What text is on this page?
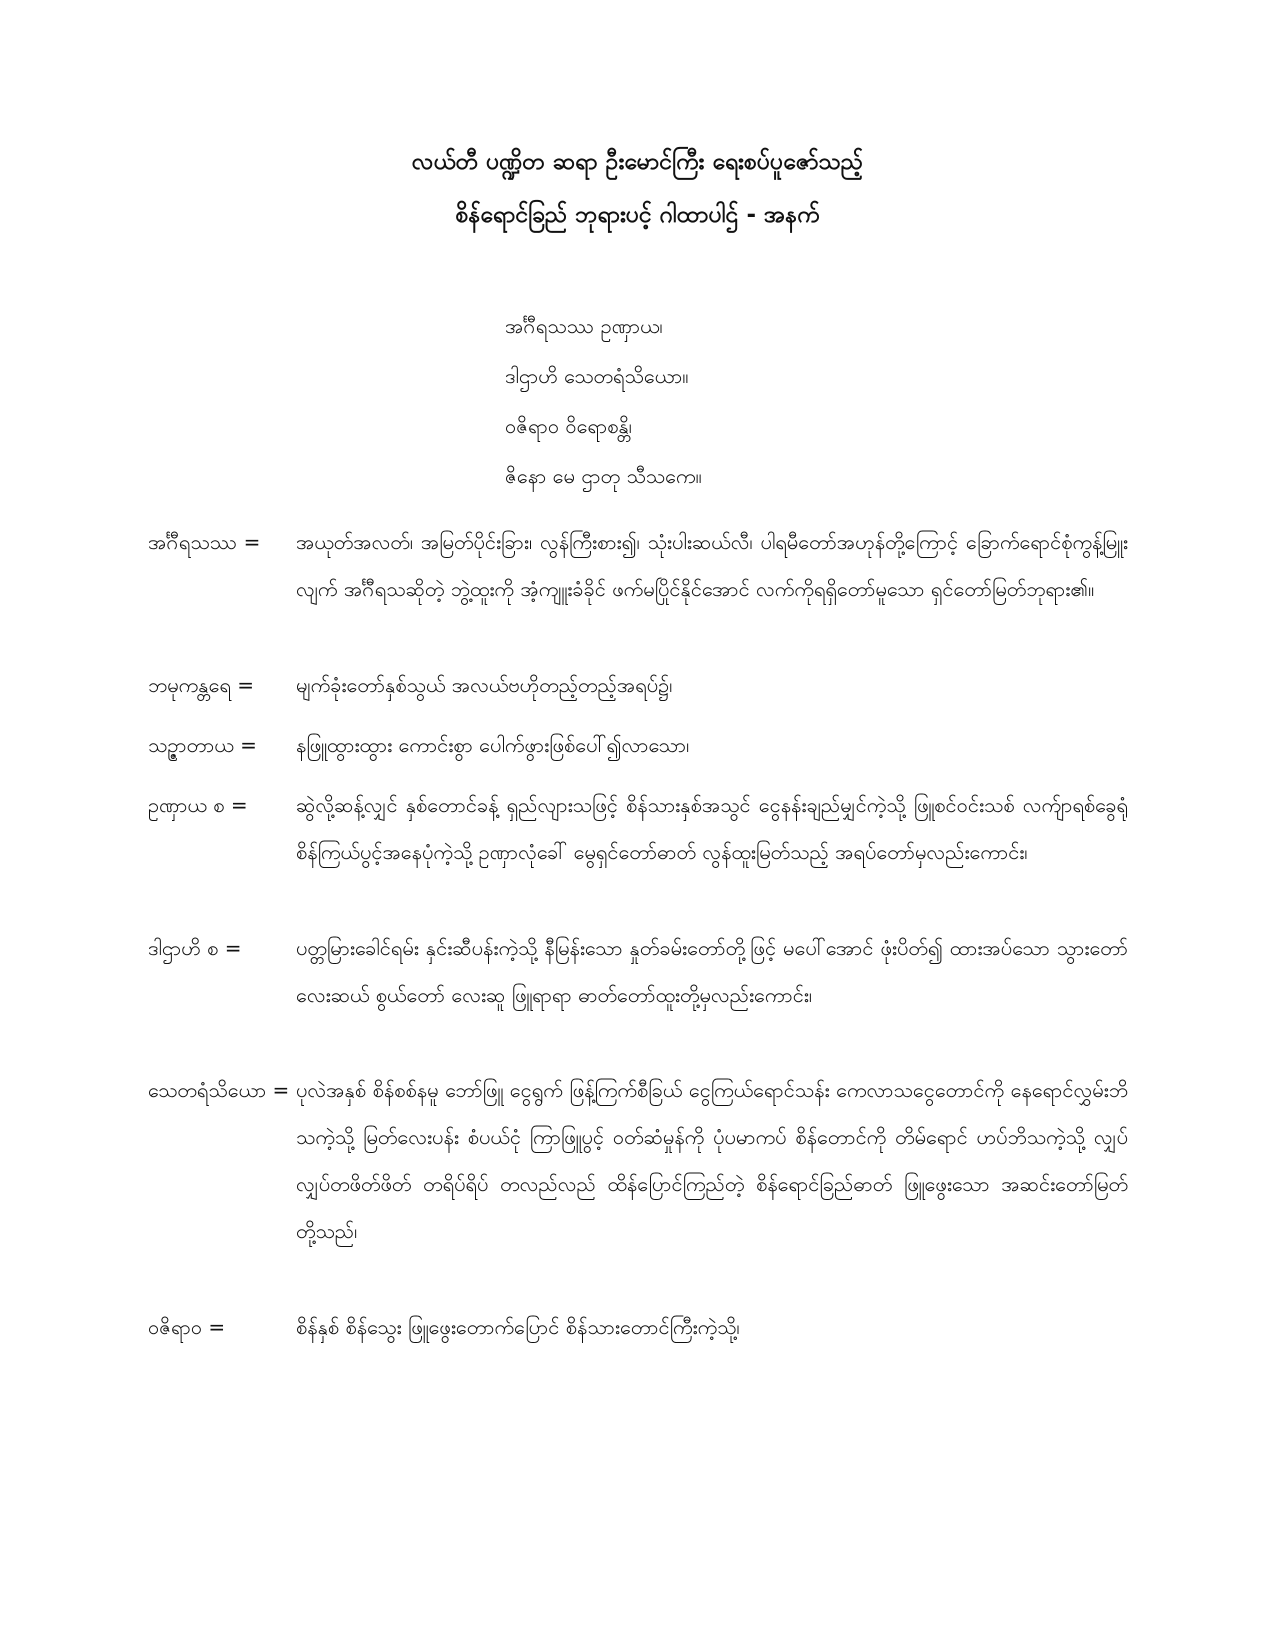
လယ်တီ ပဏ္ဍိတ ဆရာ ဦးမောင်ကြီး ရေးစပ်ပူဇော်သည့်
စိန်ရောင်ခြည် ဘုရားပင့် ဂါထာပါဌ် - အနက်
အင်္ဂီရသဿ ဥဏှာယ၊
ဒါဌာဟိ သေတရံသိယော။
ဝဇိရာဝ ဝိရောစန္တိ၊
ဇိနော မေ ဌာတု သီသကေ။
အင်္ဂီရသဿ = အယုတ်အလတ်၊ အမြတ်ပိုင်းခြား၊ လွန်ကြီးစား၍၊ သုံးပါးဆယ်လီ၊ ပါရမီတော်အဟုန်တို့ကြောင့် ခြောက်ရောင်စုံကွန့်မြူးလျက် အင်္ဂီရသဆိုတဲ့ ဘွဲ့ထူးကို အံ့ကျူးခံခိုင် ဖက်မပြိုင်နိုင်အောင် လက်ကိုရရှိတော်မူသော ရှင်တော်မြတ်ဘုရား၏။
ဘမုကန္တရေ = မျက်ခုံးတော်နှစ်သွယ် အလယ်ဗဟိုတည့်တည့်အရပ်၌၊
သဉ္ဇာတာယ = နဖြူထွားထွား ကောင်းစွာ ပေါက်ဖွားဖြစ်ပေါ်၍လာသော၊
ဥဏှာယ စ = ဆွဲလို့ဆန့်လျှင် နှစ်တောင်ခန့် ရှည်လျားသဖြင့် စိန်သားနှစ်အသွင် ငွေနန်းချည်မျှင်ကဲ့သို့ ဖြူစင်ဝင်းသစ် လက်ျာရစ်ခွေရုံ စိန်ကြယ်ပွင့်အနေပုံကဲ့သို့ ဥဏှာလုံခေါ် မွေရှင်တော်ဓာတ် လွန်ထူးမြတ်သည့် အရပ်တော်မှလည်းကောင်း၊
ဒါဌာဟိ စ =	ပတ္တမြားခေါင်ရမ်း နှင်းဆီပန်းကဲ့သို့ နီမြန်းသော နှုတ်ခမ်းတော်တို့ဖြင့် မပေါ်အောင် ဖုံးပိတ်၍ ထားအပ်သော သွားတော် လေးဆယ် စွယ်တော် လေးဆူ ဖြူရာရာ ဓာတ်တော်ထူးတို့မှလည်းကောင်း၊
သေတရံသိယော = ပုလဲအနှစ် စိန်စစ်နမူ ဘော်ဖြူ ငွေရွက် ဖြန့်ကြက်စီခြယ် ငွေကြယ်ရောင်သန်း ကေလာသငွေတောင်ကို နေရောင်လွှမ်းဘိသကဲ့သို့ မြတ်လေးပန်း စံပယ်ငုံ ကြာဖြူပွင့် ဝတ်ဆံမှုန်ကို ပုံပမာကပ် စိန်တောင်ကို တိမ်ရောင် ဟပ်ဘိသကဲ့သို့ လျှပ်လျှပ်တဖိတ်ဖိတ် တရိပ်ရိပ် တလည်လည် ထိန်ပြောင်ကြည်တဲ့ စိန်ရောင်ခြည်ဓာတ် ဖြူဖွေးသော အဆင်းတော်မြတ်တို့သည်၊
ဝဇိရာဝ =	စိန်နှစ် စိန်သွေး ဖြူဖွေးတောက်ပြောင် စိန်သားတောင်ကြီးကဲ့သို့၊
